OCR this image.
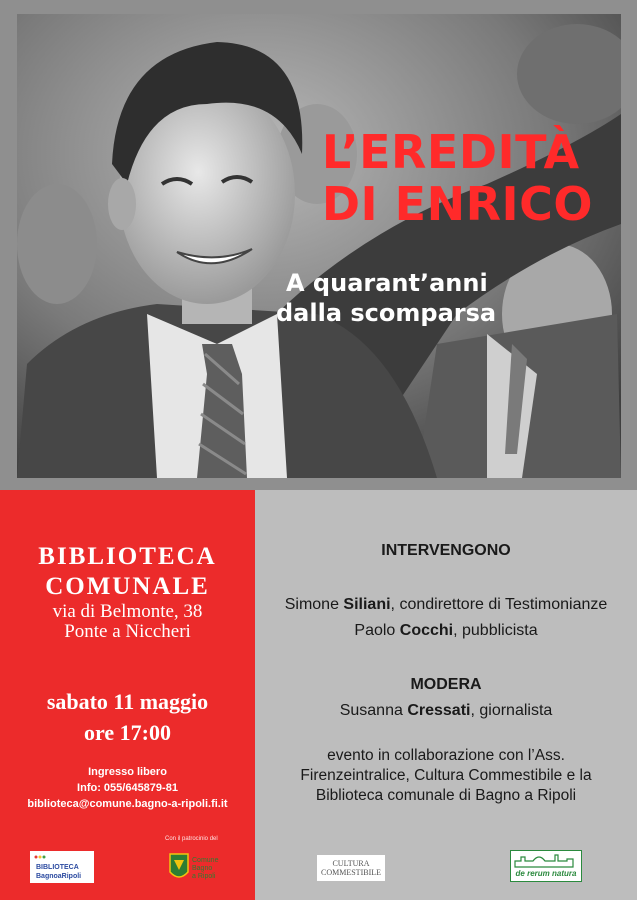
L’EREDITÀ
DI ENRICO
A quarant’anni
dalla scomparsa
BIBLIOTECA
COMUNALE
via di Belmonte, 38
Ponte a Niccheri
sabato 11 maggio
ore 17:00
Ingresso libero
Info: 055/645879-81
biblioteca@comune.bagno-a-ripoli.fi.it
BIBLIOTECA
BagnoaRipoli
Con il patrocinio del
Comune
Bagno
a Ripoli
INTERVENGONO
Simone Siliani, condirettore di Testimonianze
Paolo Cocchi, pubblicista
MODERA
Susanna Cressati, giornalista
evento in collaborazione con l’Ass.
Firenzeintralice, Cultura Commestibile e la
Biblioteca comunale di Bagno a Ripoli
CULTURA
COMMESTIBILE	de rerum natura
